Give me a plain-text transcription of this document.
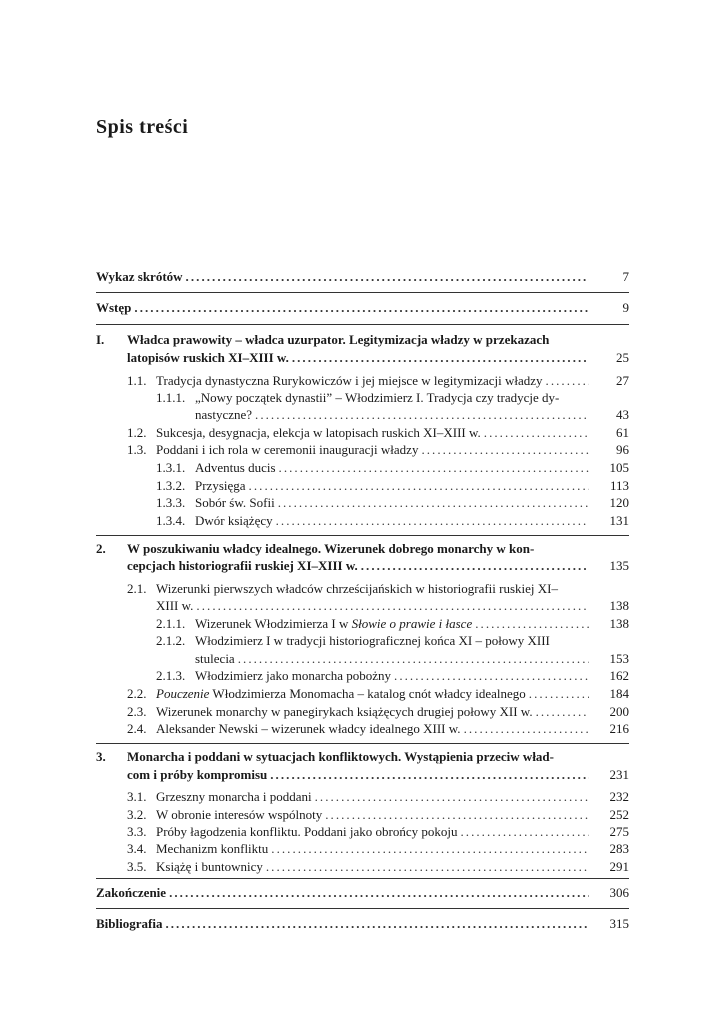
Spis treści
Wykaz skrótów . . .	7
Wstęp . . .	9
I. Władca prawowity – władca uzurpator. Legitymizacja władzy w przekazach
latopisów ruskich XI–XIII w. . . .	25
1.1. Tradycja dynastyczna Rurykowiczów i jej miejsce w legitymizacji władzy . . .	27
1.1.1. „Nowy początek dynastii” – Włodzimierz I. Tradycja czy tradycje dy-
nastyczne? . . .	43
1.2. Sukcesja, desygnacja, elekcja w latopisach ruskich XI–XIII w. . . .	61
1.3. Poddani i ich rola w ceremonii inauguracji władzy . . .	96
1.3.1. Adventus ducis . . .	105
1.3.2. Przysięga . . .	113
1.3.3. Sobór św. Sofii . . .	120
1.3.4. Dwór książęcy . . .	131
2. W poszukiwaniu władcy idealnego. Wizerunek dobrego monarchy w kon-
cepcjach historiografii ruskiej XI–XIII w. . . .	135
2.1. Wizerunki pierwszych władców chrześcijańskich w historiografii ruskiej XI–
XIII w. . . .	138
2.1.1. Wizerunek Włodzimierza I w Słowie o prawie i łasce . . .	138
2.1.2. Włodzimierz I w tradycji historiograficznej końca XI – połowy XIII
stulecia . . .	153
2.1.3. Włodzimierz jako monarcha pobożny . . .	162
2.2. Pouczenie Włodzimierza Monomacha – katalog cnót władcy idealnego . . .	184
2.3. Wizerunek monarchy w panegirykach książęcych drugiej połowy XII w. . . .	200
2.4. Aleksander Newski – wizerunek władcy idealnego XIII w. . . .	216
3. Monarcha i poddani w sytuacjach konfliktowych. Wystąpienia przeciw wład-
com i próby kompromisu . . .	231
3.1. Grzeszny monarcha i poddani . . .	232
3.2. W obronie interesów wspólnoty . . .	252
3.3. Próby łagodzenia konfliktu. Poddani jako obrońcy pokoju . . .	275
3.4. Mechanizm konfliktu . . .	283
3.5. Książę i buntownicy . . .	291
Zakończenie . . .	306
Bibliografia . . .	315
